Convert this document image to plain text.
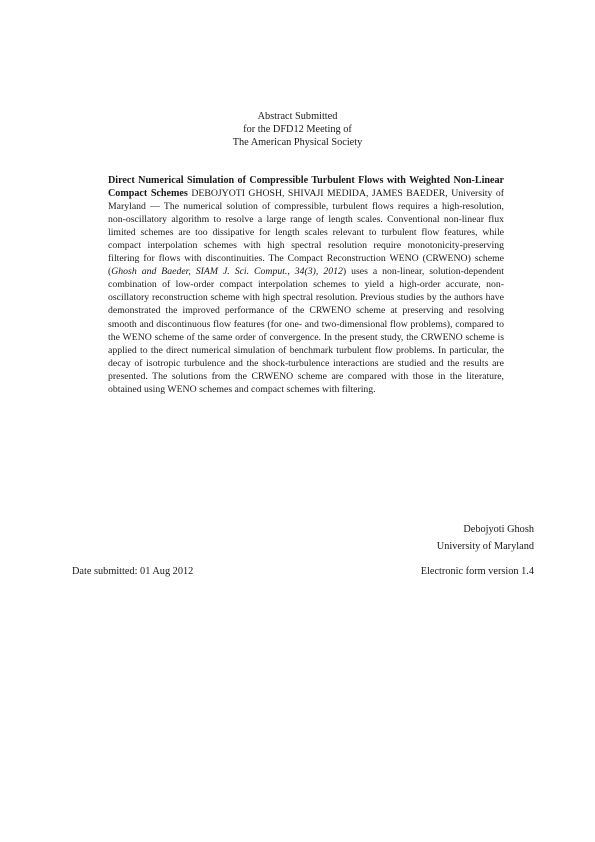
Abstract Submitted
for the DFD12 Meeting of
The American Physical Society
Direct Numerical Simulation of Compressible Turbulent Flows with Weighted Non-Linear Compact Schemes DEBOJYOTI GHOSH, SHIVAJI MEDIDA, JAMES BAEDER, University of Maryland — The numerical solution of compressible, turbulent flows requires a high-resolution, non-oscillatory algorithm to resolve a large range of length scales. Conventional non-linear flux limited schemes are too dissipative for length scales relevant to turbulent flow features, while compact interpolation schemes with high spectral resolution require monotonicity-preserving filtering for flows with discontinuities. The Compact Reconstruction WENO (CRWENO) scheme (Ghosh and Baeder, SIAM J. Sci. Comput., 34(3), 2012) uses a non-linear, solution-dependent combination of low-order compact interpolation schemes to yield a high-order accurate, non-oscillatory reconstruction scheme with high spectral resolution. Previous studies by the authors have demonstrated the improved performance of the CRWENO scheme at preserving and resolving smooth and discontinuous flow features (for one- and two-dimensional flow problems), compared to the WENO scheme of the same order of convergence. In the present study, the CRWENO scheme is applied to the direct numerical simulation of benchmark turbulent flow problems. In particular, the decay of isotropic turbulence and the shock-turbulence interactions are studied and the results are presented. The solutions from the CRWENO scheme are compared with those in the literature, obtained using WENO schemes and compact schemes with filtering.
Debojyoti Ghosh
University of Maryland
Date submitted: 01 Aug 2012	Electronic form version 1.4
